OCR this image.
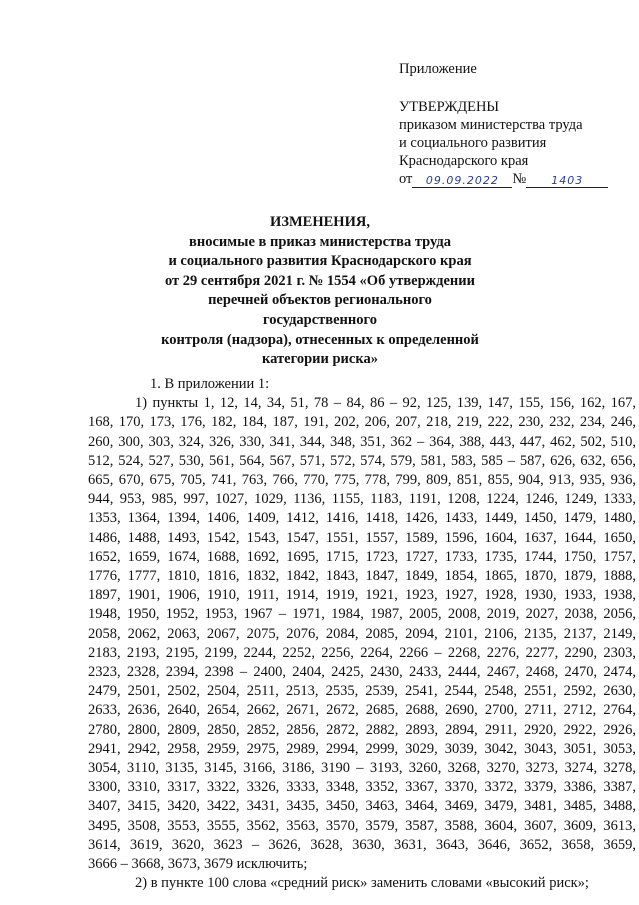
Приложение
УТВЕРЖДЕНЫ
приказом министерства труда
и социального развития
Краснодарского края
от	09.09.2022 №	1403
ИЗМЕНЕНИЯ,
вносимые в приказ министерства труда
и социального развития Краснодарского края
от 29 сентября 2021 г. № 1554 «Об утверждении
перечней объектов регионального государственного
контроля (надзора), отнесенных к определенной
категории риска»
1. В приложении 1:
1) пункты 1, 12, 14, 34, 51, 78 – 84, 86 – 92, 125, 139, 147, 155, 156, 162, 167,
168, 170, 173, 176, 182, 184, 187, 191, 202, 206, 207, 218, 219, 222, 230, 232, 234, 246,
260, 300, 303, 324, 326, 330, 341, 344, 348, 351, 362 – 364, 388, 443, 447, 462, 502, 510,
512, 524, 527, 530, 561, 564, 567, 571, 572, 574, 579, 581, 583, 585 – 587, 626, 632, 656,
665, 670, 675, 705, 741, 763, 766, 770, 775, 778, 799, 809, 851, 855, 904, 913, 935, 936,
944, 953, 985, 997, 1027, 1029, 1136, 1155, 1183, 1191, 1208, 1224, 1246, 1249, 1333,
1353, 1364, 1394, 1406, 1409, 1412, 1416, 1418, 1426, 1433, 1449, 1450, 1479, 1480,
1486, 1488, 1493, 1542, 1543, 1547, 1551, 1557, 1589, 1596, 1604, 1637, 1644, 1650,
1652, 1659, 1674, 1688, 1692, 1695, 1715, 1723, 1727, 1733, 1735, 1744, 1750, 1757,
1776, 1777, 1810, 1816, 1832, 1842, 1843, 1847, 1849, 1854, 1865, 1870, 1879, 1888,
1897, 1901, 1906, 1910, 1911, 1914, 1919, 1921, 1923, 1927, 1928, 1930, 1933, 1938,
1948, 1950, 1952, 1953, 1967 – 1971, 1984, 1987, 2005, 2008, 2019, 2027, 2038, 2056,
2058, 2062, 2063, 2067, 2075, 2076, 2084, 2085, 2094, 2101, 2106, 2135, 2137, 2149,
2183, 2193, 2195, 2199, 2244, 2252, 2256, 2264, 2266 – 2268, 2276, 2277, 2290, 2303,
2323, 2328, 2394, 2398 – 2400, 2404, 2425, 2430, 2433, 2444, 2467, 2468, 2470, 2474,
2479, 2501, 2502, 2504, 2511, 2513, 2535, 2539, 2541, 2544, 2548, 2551, 2592, 2630,
2633, 2636, 2640, 2654, 2662, 2671, 2672, 2685, 2688, 2690, 2700, 2711, 2712, 2764,
2780, 2800, 2809, 2850, 2852, 2856, 2872, 2882, 2893, 2894, 2911, 2920, 2922, 2926,
2941, 2942, 2958, 2959, 2975, 2989, 2994, 2999, 3029, 3039, 3042, 3043, 3051, 3053,
3054, 3110, 3135, 3145, 3166, 3186, 3190 – 3193, 3260, 3268, 3270, 3273, 3274, 3278,
3300, 3310, 3317, 3322, 3326, 3333, 3348, 3352, 3367, 3370, 3372, 3379, 3386, 3387,
3407, 3415, 3420, 3422, 3431, 3435, 3450, 3463, 3464, 3469, 3479, 3481, 3485, 3488,
3495, 3508, 3553, 3555, 3562, 3563, 3570, 3579, 3587, 3588, 3604, 3607, 3609, 3613,
3614, 3619, 3620, 3623 – 3626, 3628, 3630, 3631, 3643, 3646, 3652, 3658, 3659,
3666 – 3668, 3673, 3679 исключить;
2) в пункте 100 слова «средний риск» заменить словами «высокий риск»;
